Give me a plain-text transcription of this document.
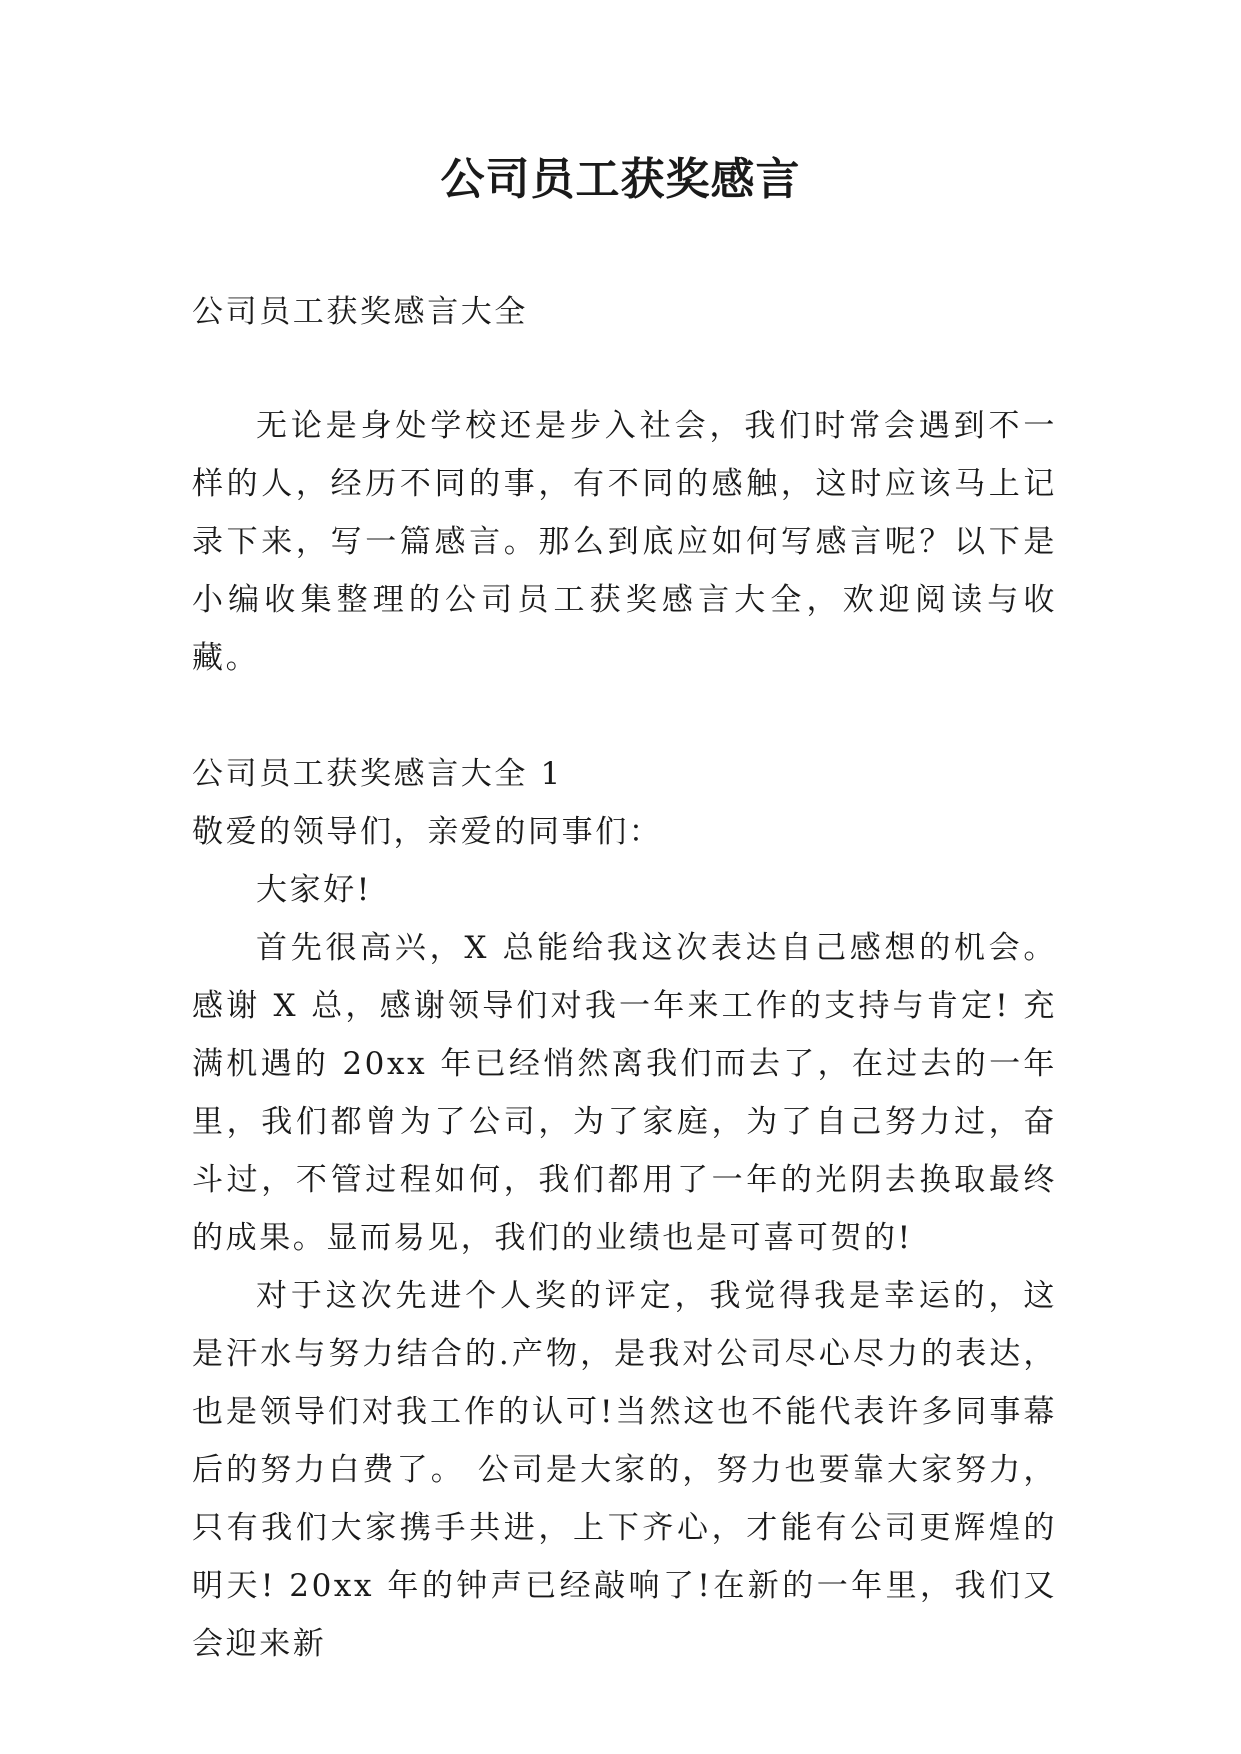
公司员工获奖感言

公司员工获奖感言大全

无论是身处学校还是步入社会，我们时常会遇到不一样的人，经历不同的事，有不同的感触，这时应该马上记录下来，写一篇感言。那么到底应如何写感言呢？以下是小编收集整理的公司员工获奖感言大全，欢迎阅读与收藏。

公司员工获奖感言大全 1

敬爱的领导们，亲爱的同事们：

大家好!

首先很高兴，X 总能给我这次表达自己感想的机会。感谢 X 总，感谢领导们对我一年来工作的支持与肯定! 充满机遇的 20xx 年已经悄然离我们而去了，在过去的一年里，我们都曾为了公司，为了家庭，为了自己努力过，奋斗过，不管过程如何，我们都用了一年的光阴去换取最终的成果。显而易见，我们的业绩也是可喜可贺的!

对于这次先进个人奖的评定，我觉得我是幸运的，这是汗水与努力结合的.产物，是我对公司尽心尽力的表达，也是领导们对我工作的认可!当然这也不能代表许多同事幕后的努力白费了。 公司是大家的，努力也要靠大家努力，只有我们大家携手共进，上下齐心，才能有公司更辉煌的明天! 20xx 年的钟声已经敲响了!在新的一年里，我们又会迎来新
